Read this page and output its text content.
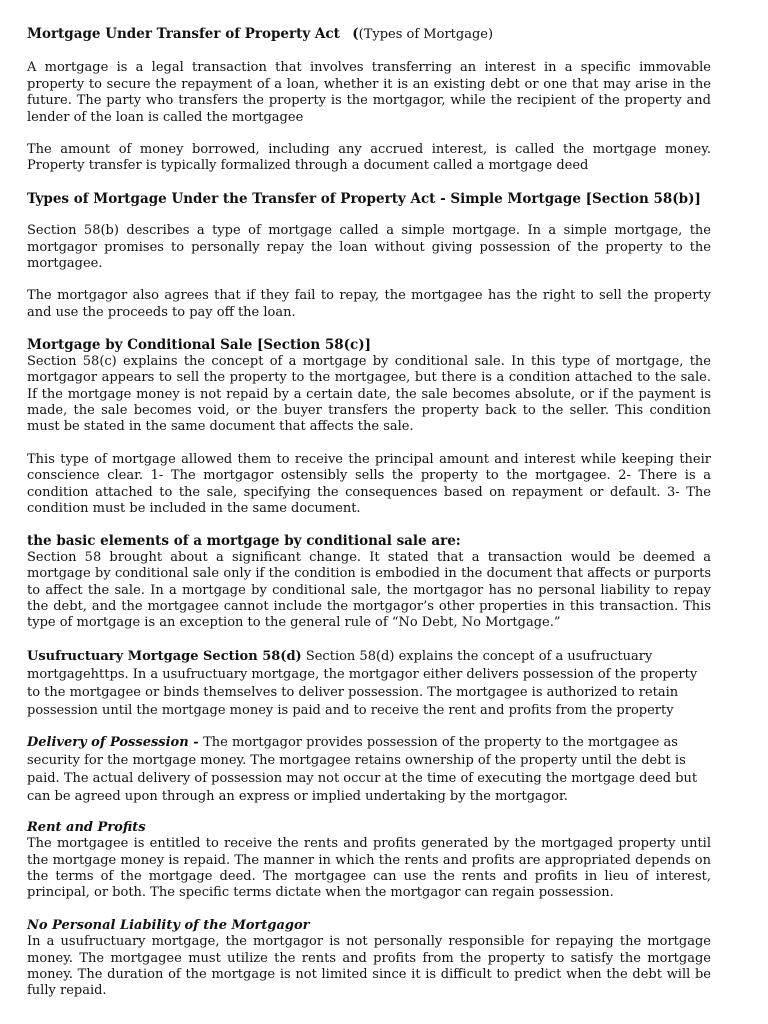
Mortgage Under Transfer of Property Act ((Types of Mortgage)

A mortgage is a legal transaction that involves transferring an interest in a specific immovable property to secure the repayment of a loan, whether it is an existing debt or one that may arise in the future. The party who transfers the property is the mortgagor, while the recipient of the property and lender of the loan is called the mortgagee

The amount of money borrowed, including any accrued interest, is called the mortgage money. Property transfer is typically formalized through a document called a mortgage deed

Types of Mortgage Under the Transfer of Property Act - Simple Mortgage [Section 58(b)]

Section 58(b) describes a type of mortgage called a simple mortgage. In a simple mortgage, the mortgagor promises to personally repay the loan without giving possession of the property to the mortgagee.

The mortgagor also agrees that if they fail to repay, the mortgagee has the right to sell the property and use the proceeds to pay off the loan.

Mortgage by Conditional Sale [Section 58(c)]

Section 58(c) explains the concept of a mortgage by conditional sale. In this type of mortgage, the mortgagor appears to sell the property to the mortgagee, but there is a condition attached to the sale. If the mortgage money is not repaid by a certain date, the sale becomes absolute, or if the payment is made, the sale becomes void, or the buyer transfers the property back to the seller. This condition must be stated in the same document that affects the sale.

This type of mortgage allowed them to receive the principal amount and interest while keeping their conscience clear. 1- The mortgagor ostensibly sells the property to the mortgagee. 2- There is a condition attached to the sale, specifying the consequences based on repayment or default. 3- The condition must be included in the same document.

the basic elements of a mortgage by conditional sale are:

Section 58 brought about a significant change. It stated that a transaction would be deemed a mortgage by conditional sale only if the condition is embodied in the document that affects or purports to affect the sale. In a mortgage by conditional sale, the mortgagor has no personal liability to repay the debt, and the mortgagee cannot include the mortgagor’s other properties in this transaction. This type of mortgage is an exception to the general rule of “No Debt, No Mortgage.”

Usufructuary Mortgage Section 58(d) Section 58(d) explains the concept of a usufructuary mortgagehttps. In a usufructuary mortgage, the mortgagor either delivers possession of the property to the mortgagee or binds themselves to deliver possession. The mortgagee is authorized to retain possession until the mortgage money is paid and to receive the rent and profits from the property

Delivery of Possession - The mortgagor provides possession of the property to the mortgagee as security for the mortgage money. The mortgagee retains ownership of the property until the debt is paid. The actual delivery of possession may not occur at the time of executing the mortgage deed but can be agreed upon through an express or implied undertaking by the mortgagor.

Rent and Profits

The mortgagee is entitled to receive the rents and profits generated by the mortgaged property until the mortgage money is repaid. The manner in which the rents and profits are appropriated depends on the terms of the mortgage deed. The mortgagee can use the rents and profits in lieu of interest, principal, or both. The specific terms dictate when the mortgagor can regain possession.

No Personal Liability of the Mortgagor

In a usufructuary mortgage, the mortgagor is not personally responsible for repaying the mortgage money. The mortgagee must utilize the rents and profits from the property to satisfy the mortgage money. The duration of the mortgage is not limited since it is difficult to predict when the debt will be fully repaid.
